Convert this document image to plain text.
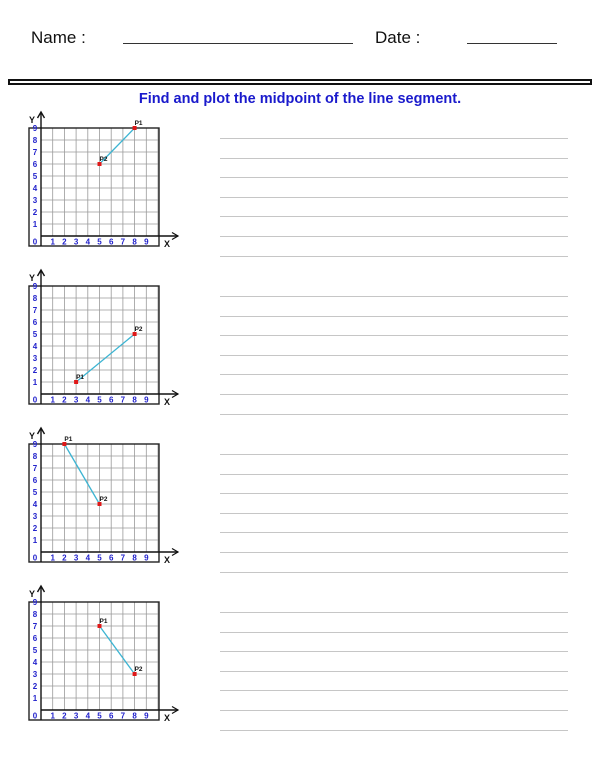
Name :	Date :
Find and plot the midpoint of the line segment.
Y
X
0 1 2 3 4 5 6 7 8 9
1
2
3
4
5
6
7
8
9
P1
P2
Y
X
0 1 2 3 4 5 6 7 8 9
1
2
3
4
5
6
7
8
9
P1
P2
Y
X
0 1 2 3 4 5 6 7 8 9
1
2
3
4
5
6
7
8
9
P1
P2
Y
X
0 1 2 3 4 5 6 7 8 9
1
2
3
4
5
6
7
8
9
P1
P2
